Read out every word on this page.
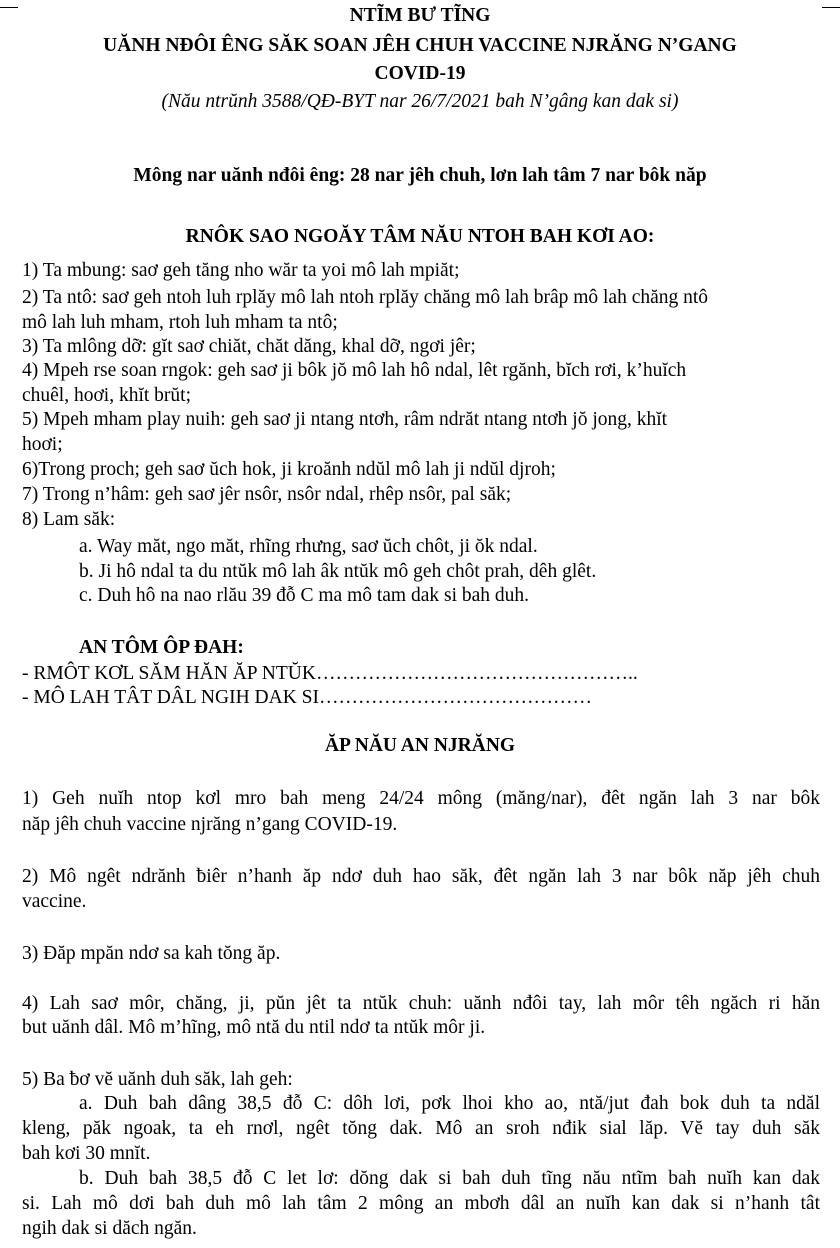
NTĨM BƯ TĨNG
UĂNH NĐÔI ÊNG SĂK SOAN JÊH CHUH VACCINE NJRĂNG N’GANG
COVID-19
(Nău ntrŭnh 3588/QĐ-BYT nar 26/7/2021 bah N’gâng kan dak si)
Mông nar uănh nđôi êng: 28 nar jêh chuh, lơn lah tâm 7 nar bôk năp
RNÔK SAO NGOĂY TÂM NĂU NTOH BAH KƠI AO:
1) Ta mbung: saơ geh tăng nho wăr ta yoi mô lah mpiăt;
2) Ta ntô: saơ geh ntoh luh rplăy mô lah ntoh rplăy chăng mô lah brâp mô lah chăng ntô
mô lah luh mham, rtoh luh mham ta ntô;
3) Ta mlông dỡ: gĭt saơ chiăt, chăt dăng, khal dỡ, ngơi jêr;
4) Mpeh rse soan rngok: geh saơ ji bôk jŏ mô lah hô ndal, lêt rgănh, bĭch rơi, k’huĭch
chuêl, hoơi, khĭt brŭt;
5) Mpeh mham play nuih: geh saơ ji ntang ntơh, râm ndrăt ntang ntơh jŏ jong, khĭt
hoơi;
6)Trong proch; geh saơ ŭch hok, ji kroănh ndŭl mô lah ji ndŭl djroh;
7) Trong n’hâm: geh saơ jêr nsôr, nsôr ndal, rhêp nsôr, pal săk;
8) Lam săk:
a. Way măt, ngo măt, rhĩng rhưng, saơ ŭch chôt, ji ŏk ndal.
b. Ji hô ndal ta du ntŭk mô lah âk ntŭk mô geh chôt prah, dêh glêt.
c. Duh hô na nao rlău 39 đỗ C ma mô tam dak si bah duh.
AN TÔM ÔP ĐAH:
- RMÔT KƠL SĂM HĂN ĂP NTŬK…………………………………………..
- MÔ LAH TÂT DÂL NGIH DAK SI……………………………………
ĂP NĂU AN NJRĂNG
1) Geh nuĭh ntop kơl mro bah meng 24/24 mông (măng/nar), đêt ngăn lah 3 nar bôk
năp jêh chuh vaccine njrăng n’gang COVID-19.
2) Mô ngêt ndrănh ƀiêr n’hanh ăp ndơ duh hao săk, đêt ngăn lah 3 nar bôk năp jêh chuh
vaccine.
3) Đăp mpăn ndơ sa kah tŏng ăp.
4) Lah saơ môr, chăng, ji, pŭn jêt ta ntŭk chuh: uănh nđôi tay, lah môr têh ngăch ri hăn
but uănh dâl. Mô m’hĩng, mô ntă du ntil ndơ ta ntŭk môr ji.
5) Ba ƀơ vĕ uănh duh săk, lah geh:
a. Duh bah dâng 38,5 đỗ C: dôh lơi, pơk lhoi kho ao, ntă/jut đah bok duh ta ndăl
kleng, păk ngoak, ta eh rnơl, ngêt tŏng dak. Mô an sroh nđik sial lăp. Vĕ tay duh săk
bah kơi 30 mnĭt.
b. Duh bah 38,5 đỗ C let lơ: dŏng dak si bah duh tĩng nău ntĩm bah nuĭh kan dak
si. Lah mô dơi bah duh mô lah tâm 2 mông an mbơh dâl an nuĭh kan dak si n’hanh tât
ngih dak si dăch ngăn.
